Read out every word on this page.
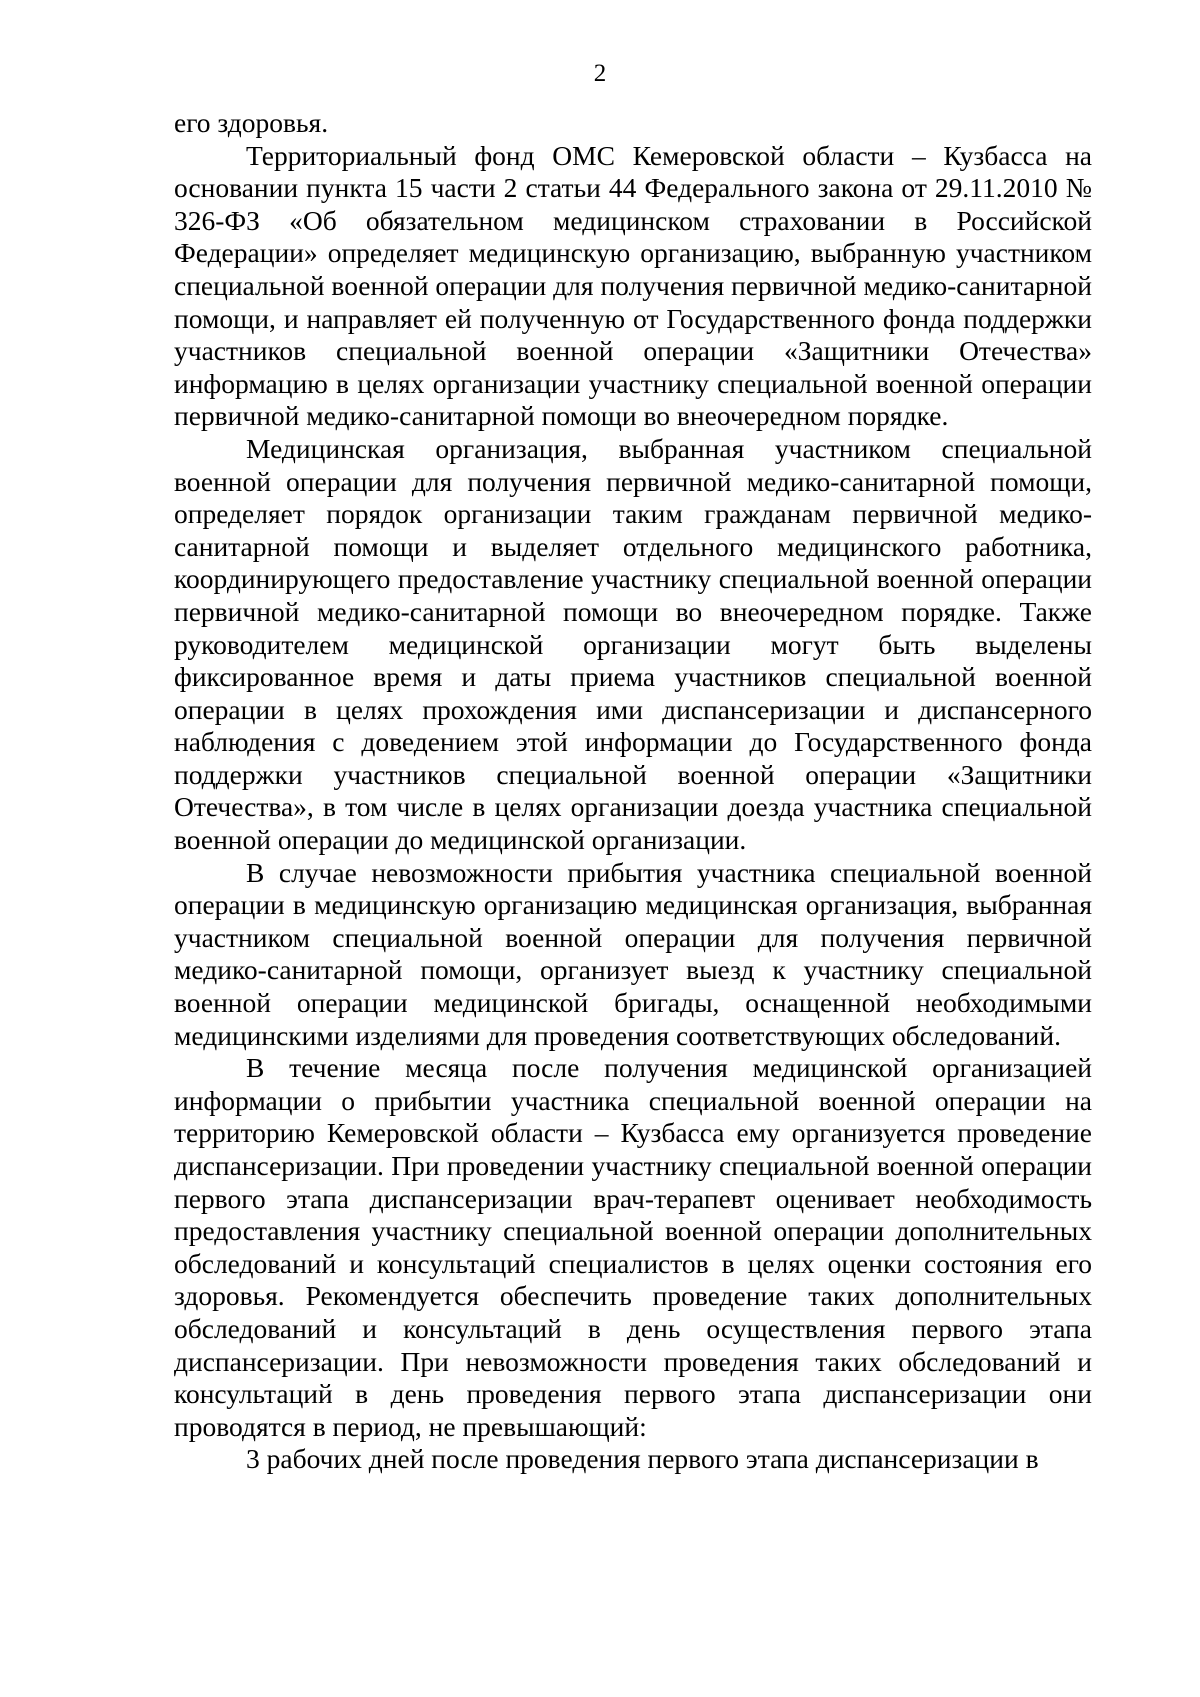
2

его здоровья.

Территориальный фонд ОМС Кемеровской области – Кузбасса на основании пункта 15 части 2 статьи 44 Федерального закона от 29.11.2010 № 326-ФЗ «Об обязательном медицинском страховании в Российской Федерации» определяет медицинскую организацию, выбранную участником специальной военной операции для получения первичной медико-санитарной помощи, и направляет ей полученную от Государственного фонда поддержки участников специальной военной операции «Защитники Отечества» информацию в целях организации участнику специальной военной операции первичной медико-санитарной помощи во внеочередном порядке.

Медицинская организация, выбранная участником специальной военной операции для получения первичной медико-санитарной помощи, определяет порядок организации таким гражданам первичной медико-санитарной помощи и выделяет отдельного медицинского работника, координирующего предоставление участнику специальной военной операции первичной медико-санитарной помощи во внеочередном порядке. Также руководителем медицинской организации могут быть выделены фиксированное время и даты приема участников специальной военной операции в целях прохождения ими диспансеризации и диспансерного наблюдения с доведением этой информации до Государственного фонда поддержки участников специальной военной операции «Защитники Отечества», в том числе в целях организации доезда участника специальной военной операции до медицинской организации.

В случае невозможности прибытия участника специальной военной операции в медицинскую организацию медицинская организация, выбранная участником специальной военной операции для получения первичной медико-санитарной помощи, организует выезд к участнику специальной военной операции медицинской бригады, оснащенной необходимыми медицинскими изделиями для проведения соответствующих обследований.

В течение месяца после получения медицинской организацией информации о прибытии участника специальной военной операции на территорию Кемеровской области – Кузбасса ему организуется проведение диспансеризации. При проведении участнику специальной военной операции первого этапа диспансеризации врач-терапевт оценивает необходимость предоставления участнику специальной военной операции дополнительных обследований и консультаций специалистов в целях оценки состояния его здоровья. Рекомендуется обеспечить проведение таких дополнительных обследований и консультаций в день осуществления первого этапа диспансеризации. При невозможности проведения таких обследований и консультаций в день проведения первого этапа диспансеризации они проводятся в период, не превышающий:

3 рабочих дней после проведения первого этапа диспансеризации в
